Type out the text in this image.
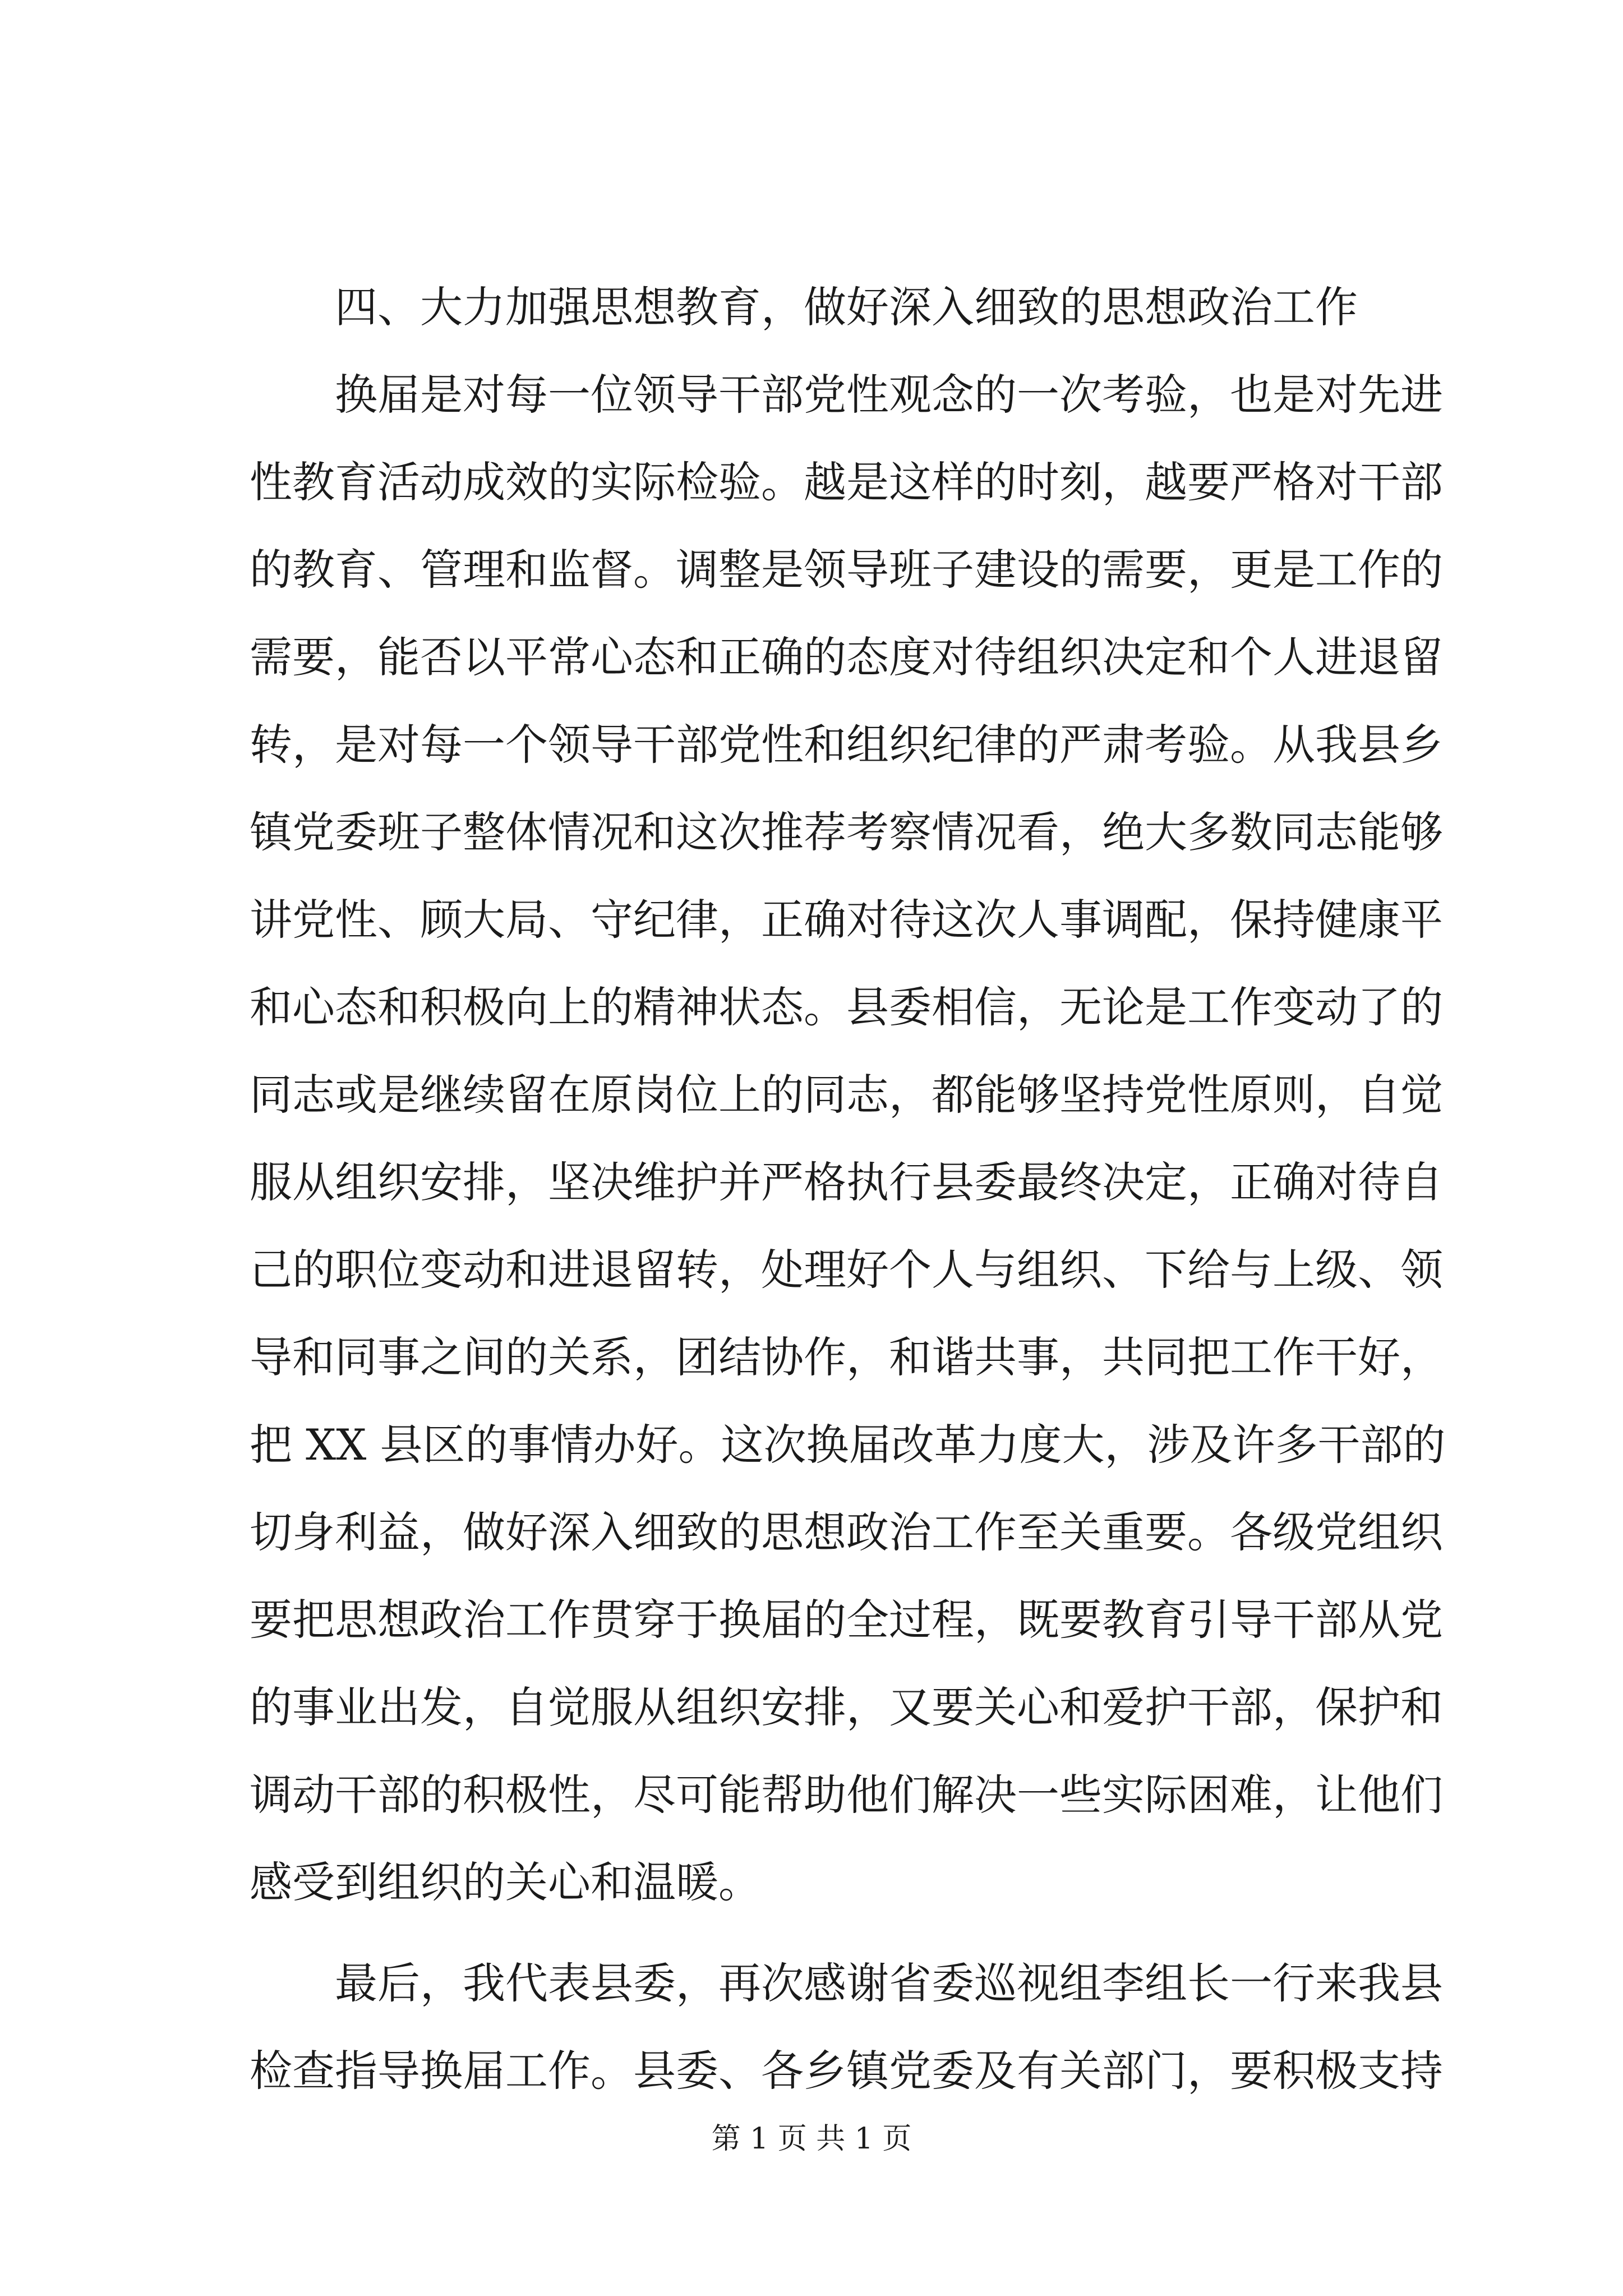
四、大力加强思想教育，做好深入细致的思想政治工作
换届是对每一位领导干部党性观念的一次考验，也是对先进
性教育活动成效的实际检验。越是这样的时刻，越要严格对干部
的教育、管理和监督。调整是领导班子建设的需要，更是工作的
需要，能否以平常心态和正确的态度对待组织决定和个人进退留
转，是对每一个领导干部党性和组织纪律的严肃考验。从我县乡
镇党委班子整体情况和这次推荐考察情况看，绝大多数同志能够
讲党性、顾大局、守纪律，正确对待这次人事调配，保持健康平
和心态和积极向上的精神状态。县委相信，无论是工作变动了的
同志或是继续留在原岗位上的同志，都能够坚持党性原则，自觉
服从组织安排，坚决维护并严格执行县委最终决定，正确对待自
己的职位变动和进退留转，处理好个人与组织、下给与上级、领
导和同事之间的关系，团结协作，和谐共事，共同把工作干好，
把 XX 县区的事情办好。这次换届改革力度大，涉及许多干部的
切身利益，做好深入细致的思想政治工作至关重要。各级党组织
要把思想政治工作贯穿于换届的全过程，既要教育引导干部从党
的事业出发，自觉服从组织安排，又要关心和爱护干部，保护和
调动干部的积极性，尽可能帮助他们解决一些实际困难，让他们
感受到组织的关心和温暖。
最后，我代表县委，再次感谢省委巡视组李组长一行来我县
检查指导换届工作。县委、各乡镇党委及有关部门，要积极支持
第 1 页 共 1 页
